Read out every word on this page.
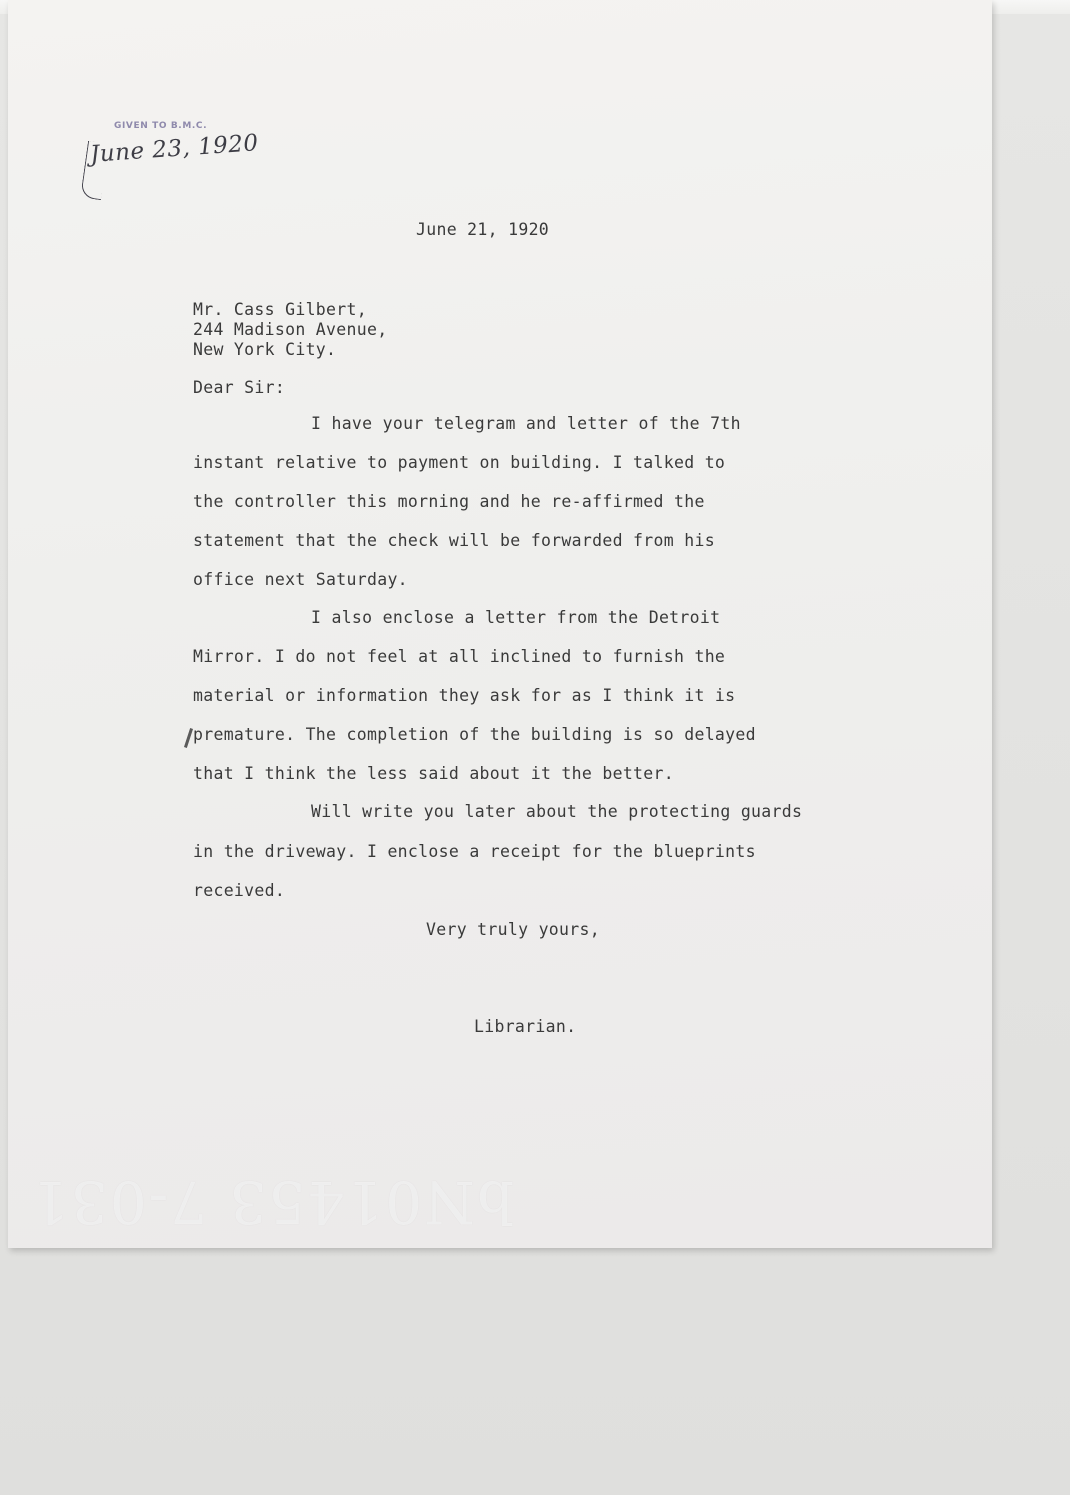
GIVEN TO B.M.C.
June 23, 1920
June 21, 1920
Mr. Cass Gilbert,
244 Madison Avenue,
New York City.
Dear Sir:
I have your telegram and letter of the 7th
instant relative to payment on building. I talked to
the controller this morning and he re-affirmed the
statement that the check will be forwarded from his
office next Saturday.
I also enclose a letter from the Detroit
Mirror. I do not feel at all inclined to furnish the
material or information they ask for as I think it is
premature. The completion of the building is so delayed
that I think the less said about it the better.
Will write you later about the protecting guards
in the driveway. I enclose a receipt for the blueprints
received.
Very truly yours,
Librarian.
bN01453 7-031
